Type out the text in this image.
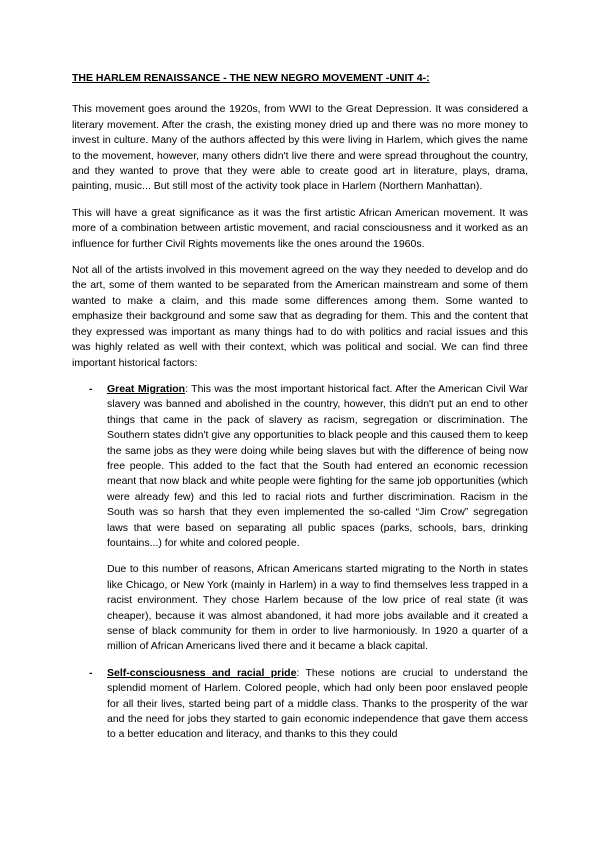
THE HARLEM RENAISSANCE - THE NEW NEGRO MOVEMENT -UNIT 4-:

This movement goes around the 1920s, from WWI to the Great Depression. It was considered a literary movement. After the crash, the existing money dried up and there was no more money to invest in culture. Many of the authors affected by this were living in Harlem, which gives the name to the movement, however, many others didn't live there and were spread throughout the country, and they wanted to prove that they were able to create good art in literature, plays, drama, painting, music... But still most of the activity took place in Harlem (Northern Manhattan).

This will have a great significance as it was the first artistic African American movement. It was more of a combination between artistic movement, and racial consciousness and it worked as an influence for further Civil Rights movements like the ones around the 1960s.

Not all of the artists involved in this movement agreed on the way they needed to develop and do the art, some of them wanted to be separated from the American mainstream and some of them wanted to make a claim, and this made some differences among them. Some wanted to emphasize their background and some saw that as degrading for them. This and the content that they expressed was important as many things had to do with politics and racial issues and this was highly related as well with their context, which was political and social. We can find three important historical factors:

- Great Migration: This was the most important historical fact. After the American Civil War slavery was banned and abolished in the country, however, this didn't put an end to other things that came in the pack of slavery as racism, segregation or discrimination. The Southern states didn't give any opportunities to black people and this caused them to keep the same jobs as they were doing while being slaves but with the difference of being now free people. This added to the fact that the South had entered an economic recession meant that now black and white people were fighting for the same job opportunities (which were already few) and this led to racial riots and further discrimination. Racism in the South was so harsh that they even implemented the so-called “Jim Crow” segregation laws that were based on separating all public spaces (parks, schools, bars, drinking fountains...) for white and colored people.
Due to this number of reasons, African Americans started migrating to the North in states like Chicago, or New York (mainly in Harlem) in a way to find themselves less trapped in a racist environment. They chose Harlem because of the low price of real state (it was cheaper), because it was almost abandoned, it had more jobs available and it created a sense of black community for them in order to live harmoniously. In 1920 a quarter of a million of African Americans lived there and it became a black capital.
- Self-consciousness and racial pride: These notions are crucial to understand the splendid moment of Harlem. Colored people, which had only been poor enslaved people for all their lives, started being part of a middle class. Thanks to the prosperity of the war and the need for jobs they started to gain economic independence that gave them access to a better education and literacy, and thanks to this they could
